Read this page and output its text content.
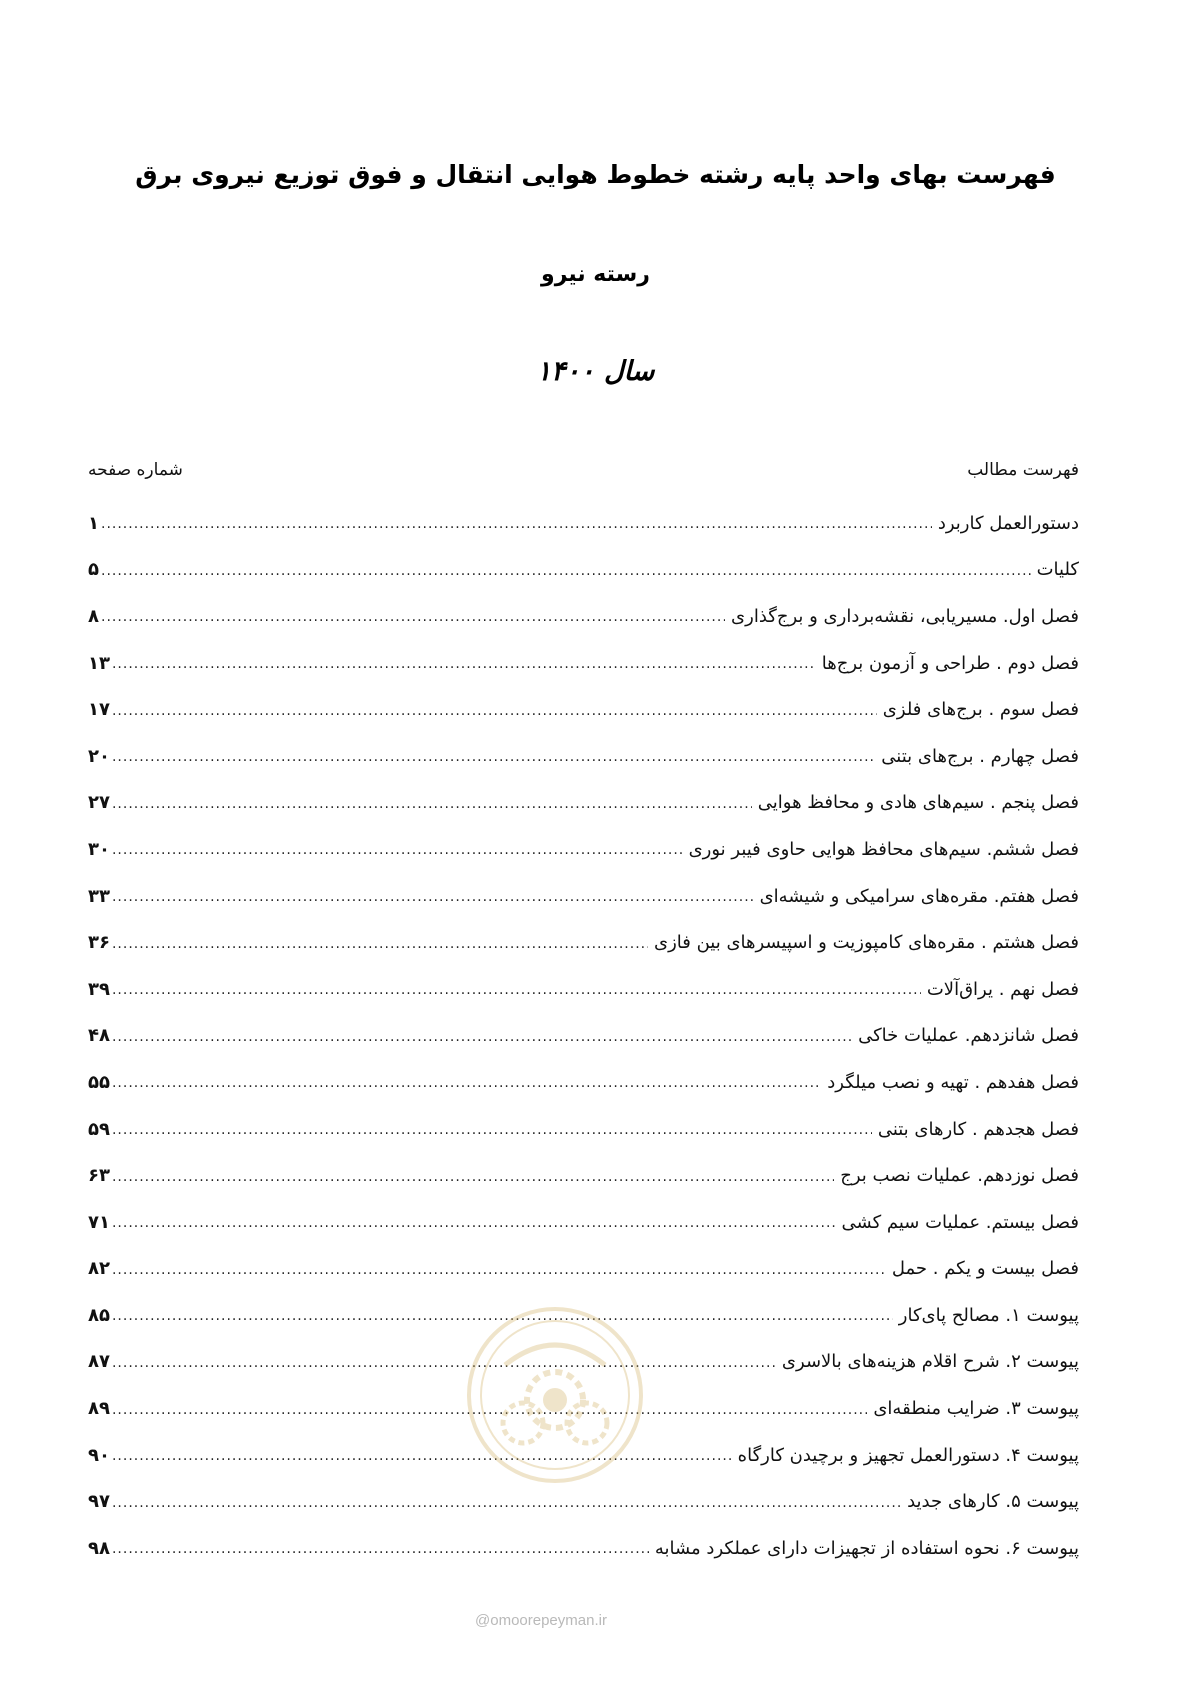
فهرست بهای واحد پایه رشته خطوط هوایی انتقال و فوق توزیع نیروی برق
رسته نیرو
سال ۱۴۰۰
فهرست مطالب
شماره صفحه
دستورالعمل کاربرد
.....
۱
کلیات
.....
۵
فصل اول. مسیریابی، نقشه‌برداری و برج‌گذاری
.....
۸
فصل دوم . طراحی و آزمون برج‌ها
.....
۱۳
فصل سوم . برج‌های فلزی
.....
۱۷
فصل چهارم . برج‌های بتنی
.....
۲۰
فصل پنجم . سیم‌های هادی و محافظ هوایی
.....
۲۷
فصل ششم. سیم‌های محافظ هوایی حاوی فیبر نوری
.....
۳۰
فصل هفتم. مقره‌های سرامیکی و شیشه‌ای
.....
۳۳
فصل هشتم . مقره‌های کامپوزیت و اسپیسرهای بین فازی
.....
۳۶
فصل نهم . یراق‌آلات
.....
۳۹
فصل شانزدهم. عملیات خاکی
.....
۴۸
فصل هفدهم . تهیه و نصب میلگرد
.....
۵۵
فصل هجدهم . کارهای بتنی
.....
۵۹
فصل نوزدهم. عملیات نصب برج
.....
۶۳
فصل بیستم. عملیات سیم کشی
.....
۷۱
فصل بیست و یکم . حمل
.....
۸۲
پیوست ۱. مصالح پای‌کار
.....
۸۵
پیوست ۲. شرح اقلام هزینه‌های بالاسری
.....
۸۷
پیوست ۳. ضرایب منطقه‌ای
.....
۸۹
پیوست ۴. دستورالعمل تجهیز و برچیدن کارگاه
.....
۹۰
پیوست ۵. کارهای جدید
.....
۹۷
پیوست ۶. نحوه استفاده از تجهیزات دارای عملکرد مشابه
.....
۹۸
@omoorepeyman.ir
